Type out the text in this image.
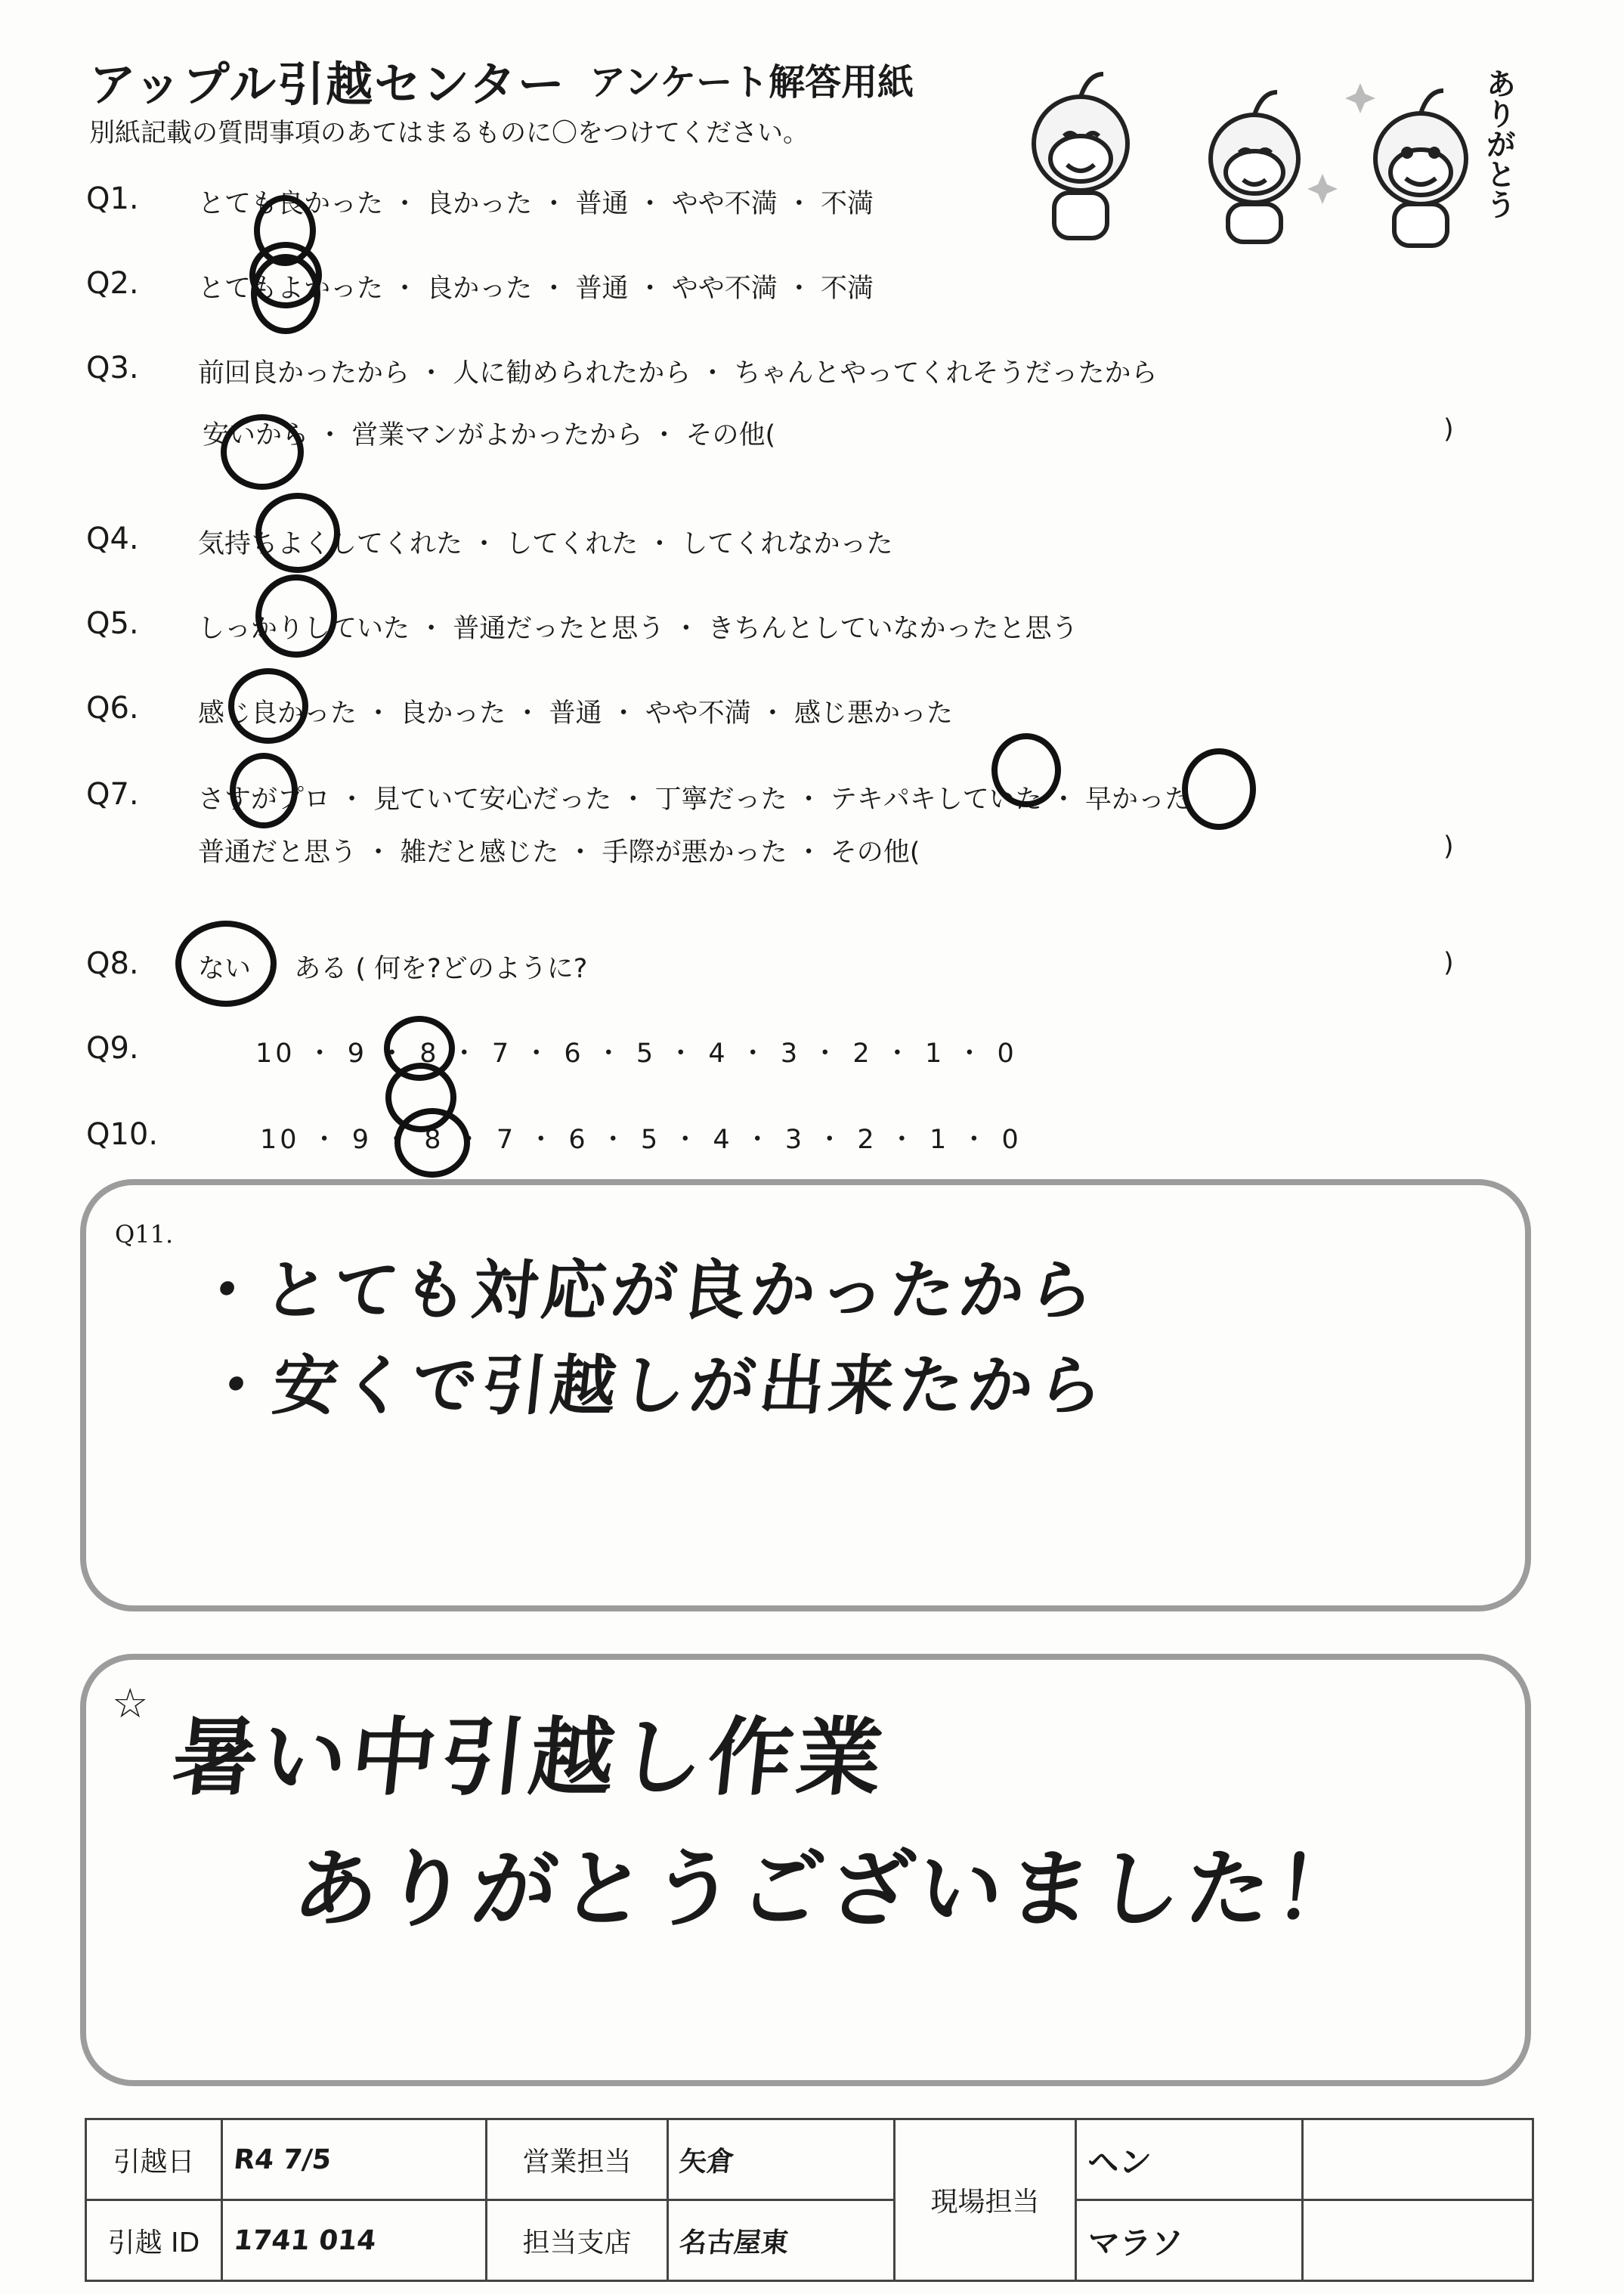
アップル引越センター アンケート解答用紙
別紙記載の質問事項のあてはまるものに〇をつけてください。	ありがとう
Q1. とても良かった ・ 良かった ・ 普通 ・ やや不満 ・ 不満
Q2. とてもよかった ・ 良かった ・ 普通 ・ やや不満 ・ 不満
Q3. 前回良かったから ・ 人に勧められたから ・ ちゃんとやってくれそうだったから
安いから ・ 営業マンがよかったから ・ その他(	)
Q4. 気持ちよくしてくれた ・ してくれた ・ してくれなかった
Q5. しっかりしていた ・ 普通だったと思う ・ きちんとしていなかったと思う
Q6. 感じ良かった ・ 良かった ・ 普通 ・ やや不満 ・ 感じ悪かった
Q7. さすがプロ ・ 見ていて安心だった ・ 丁寧だった ・ テキパキしていた ・ 早かった
普通だと思う ・ 雑だと感じた ・ 手際が悪かった ・ その他(	)
Q8. ない ・ ある ( 何を?どのように?	)
Q9.	10 ・ 9 ・ 8 ・ 7 ・ 6 ・ 5 ・ 4 ・ 3 ・ 2 ・ 1 ・ 0
Q10.	10 ・ 9 ・ 8 ・ 7 ・ 6 ・ 5 ・ 4 ・ 3 ・ 2 ・ 1 ・ 0
Q11.
・とても対応が良かったから
・安くで引越しが出来たから
☆
暑い中引越し作業
ありがとうございました！
引越日	R4 7/5	営業担当	矢倉	現場担当	ヘン	
引越 ID	1741 014	担当支店	名古屋東		マラソ	
